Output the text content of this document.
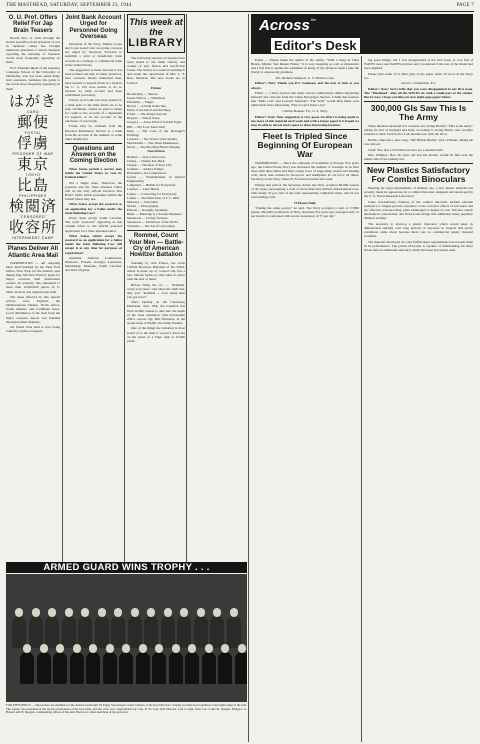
THE MASTHEAD, SATURDAY, SEPTEMBER 23, 1944	PAGE 7
O. U. Prof. Offers Relief For Jap Brain Teasers

Recent flow of cards through the station postoffice from prisoners of war in Japanese camps has brought numerous questions to station linguists regarding the meaning of Japanese words most frequently appearing on them.

Prof. Yasutaka Ikeda of the Japanese Language School of the University of Oklahoma, who has been asked many such questions, furnishes this guide to the words most frequently appearing on them.

はがき
CARD
郵便
POSTAL
俘虜
PRISONER OF WAR
東京
TOKYO
比島
PHILIPPINES
検閲済
"CENSORED"
收容所
INTERNMENT CAMP
Planes Deliver All Atlantic Area Mail

WASHINGTON — All outgoing letter mail handled by the Fleet Post Office, New York, for the Atlantic area during July, left New York by plane for major overseas mail distribution centers. In quantity, this amounted to more than 10,000,000 pieces of V-Mail, air mail, and regular letter mail.

The areas affected by this special service were England, the Mediterranean Theatre, North Africa, South Atlantic, and Caribbean bases. Local distribution of the mail from the major overseas depots was handled through normal channels.

All fourth class mail is now being routed by surface transport.

Joint Bank Account Urged for Personnel Going Overseas

Personnel of the Navy, Marine Corps and Coast Guard who are going overseas are urged by Secretary Forrestal to establish a joint or beneficiary bank account in a savings or commercial bank in the United States.

The suggestion is made because it has been pointed out that, in many instances, men overseas, mostly unmarried men, have desired to deposit funds in a bank in the U. S., but were unable to do so because no bank account had been established previously.

Unless an account has been opened in a bank prior to the time funds are to be sent, allotments cannot be paid to banks for credit to the account of a dependent for support, or for the account of the purchaser of war bonds.

Forms may be obtained from the Personal Remittance Service to a bank from the account of the remitter or some other beneficiary.

Questions and Answers on the Coming Election

What States permit a service man inside the United States to vote by Federal ballot?

Not a single State. Therefore, the postcard and the State absentee ballot will be the only official Election War Ballot forms which personnel within the United States may use.

What States accept the postcard as an application for a ballot under the State Balloting Law?

Every State except South Carolina. The word "postcard" appearing in this column refers to the official postcard application for a State absentee ballot.

What States which accept the postcard as an application for a ballot under the State Balloting Law will accept it at any time for purposes of registration?

Alabama, Arizona, Connecticut, Delaware, Florida, Georgia, Louisiana, Mississippi, Montana, South Carolina, and West Virginia.

This week at the
LIBRARY

The following selected accessions have been added to the Main Library and consist of new fiction and non-fiction books. The library is located in building E and under the supervision of Mrs. L. F. Barr, librarian. The new books are as follows:

Fiction

Boomerang — Sharon
Green Willow — Wilkinson
Elizabeth — Finger
Brown — A Walk in the Sun
Diary of the Devil and the Deep
Forest — The King Lives On
Dragon — Ninety Keep
Gregory — Acres Wild of Golden Eagle
Hill — My Love Must Wait
King — The Case of the Dowager's Etchings
Leonard — The Secret of the Sphinx
MacDonald — The Three Musketeers
Molly — The Mocking Bird is Singing

Non-Fiction

Bennett — Soil to the Lotus
Chang — Chiang Kai-Shek
Cherne — The Rest of Your Life
Graham — Andre's Pompe
Hydraulics, Air Compressors
Jacobs — Fundamentals of Optical Engineering
Lampland — British for Everybody
Lascher — Lake Huron
Lauter — Cartooning for Everybody
Lasker — The Education of T. C. Mits
Marlowe — Education
Nobbe — Photography
Pierson — Roughly Speaking
Rider — Marriage is a Serious Business
Sanderson — Living Treasure
Stevenson — Northwest of the World
Townsite — The Art of Cartooning
Rommel, Count Your Men — Battle-Cry of American Howitzer Battalion

Standing by thru France, the crack 155mm Howitzer Battalion of the 333rd, which is made up of colored GIs, has a new famous battle-cry that takes its place with the best of them.

Before firing the cry — "Rommel, count your men," and when the shell hits, they yell, "Rommel — how many men you got now?"

Since landing on the Cherbourg Peninsula, June 18th, the battalion has fired 10,000 rounds to date into the depth of the Axis expansion with devastating effect, reports Sgt. Bill Davidson, in the recent issue of YANK, the Army Weekly.

One of the things the battalion is most proud of is the time it scored a direct hit on the turret of a Tiger tank at 16,000 yards.

Across the
Editor's Desk

Editor — Please thank the author of the article, "With a Song in Their Hearts, Marine Vets Return Home." It is very inspiring as well as impressive and I feel that it speaks the sentiment of many of my division when I take the liberty to express my gratitude.

Pvt. Richard Sampson, U. S. Marine Corps

Editor's Note: Thank you Pvt. Sampson, and the best of luck to you always.

Editor — I have noticed that many service publications utilize interesting material and cartoons from the Camp Newspaper Service. I think that features like "Male Call" and Leonard Sansone's "The Wolf" would help make your publication more interesting. Why not give them a try?

Charles Hansen, F1c, U. S. Navy

Editor's Note: Your suggestion is very good. An effort is being made to use more of this material each week and with a larger paper it is hoped we may be able to devote more space to these interesting features.

Fleet Is Tripled Since Beginning Of European War

WASHINGTON — Since the outbreak of hostilities in Europe five years ago, the United States Navy has increased the number of warships in its fleet more than three times and built a huge force of supporting vessels and landing craft, more than trebled its firepower and multiplied its air force 20 times, Secretary of the Navy James E. Forrestal revealed last week.

During that period, the Secretary stated, the Navy acquired 60,000 vessels of all types, representing a total of more than nine million displacement tons, with nearly 32 per cent of the total representing combatant ships, and 22 per cent landing craft.

75 Planes Daily

"During the same period," he said, "the Navy accepted a total of 57,800 planes. Monthly production of Navy airplanes five years ago averaged only 12 per month as contrasted with recent acceptance of 75 per day."

ing great things; but I was disappointed at the first issue. It was full of WAVES news and WAVES pictures and I wondered if the rest of the island had been slighted.

Please give some of us little guys in the paper. After all we're in the Navy too.

Jason C. Lichterman, F1c

Editor's Note: Sorry fella that you were disappointed in our first issue. The "Masthead" after all the WAVES do rank a small part of the station. But by now, I hope you like our new eight page paper better.

300,000 GIs Saw This Is The Army

Three hundred thousand GIs overseas saw Irving Berlin's "This is the Army" during its tour of England and Italy, according to Irving Berlin, who recently returned to New York from a four-months tour with the show.

Berlin composed a new song, "My British Buddy" and a Fishtail, during his tour abroad.

Chief: Yes, he's a bit balled, but he's not a sheltered life.

Mrs. Whitney: He's 46 years old and his mother would let him read the ladies' side of the laundry list.

New Plastics Satisfactory For Combat Binoculars

Meeting the rigid requirements of military use, a new plastic material has recently made its appearance in a combat binocular, designed and developed by the U. S. Naval Research Laboratory.

Some revolutionary features of the combat binocular include extreme resistance to fungus growth, resistance to the corrosive effects of salt water and air, effective waterproofing when submerged to depths of over 100 feet, sturdy mechanical construction, and fixed-focus design that eliminates many pupillary distance settings.

The necessity to develop a plastic binocular which would keep its dimensional stability over long periods of exposure to tropical and Arctic conditions came about because there was no commercial plastic material available.

The material developed not only fulfills these requirements but exceeds them in its performance. The plastic binocular is capable of withstanding far more shock than an aluminum binocular which had been previously used.

ARMED GUARD WINS TROPHY . . .
FOR EFFICIENCY — Shown here are members of the Armed Guard unit SS Edgar Snowberger, latest winners of the Port Director's Trophy awarded in recognition of the high rating of the unit. The trophy was presented at the recent ceremonies on the forecastle, and the crew was congratulated by Capt. R. W. Cary, Port Director. Left to right, front row: Louis M. Spiegel, Ensign J. A. Bassett and W. Reagan, commanding officer of the unit. Back row: other members of the gun crew.
